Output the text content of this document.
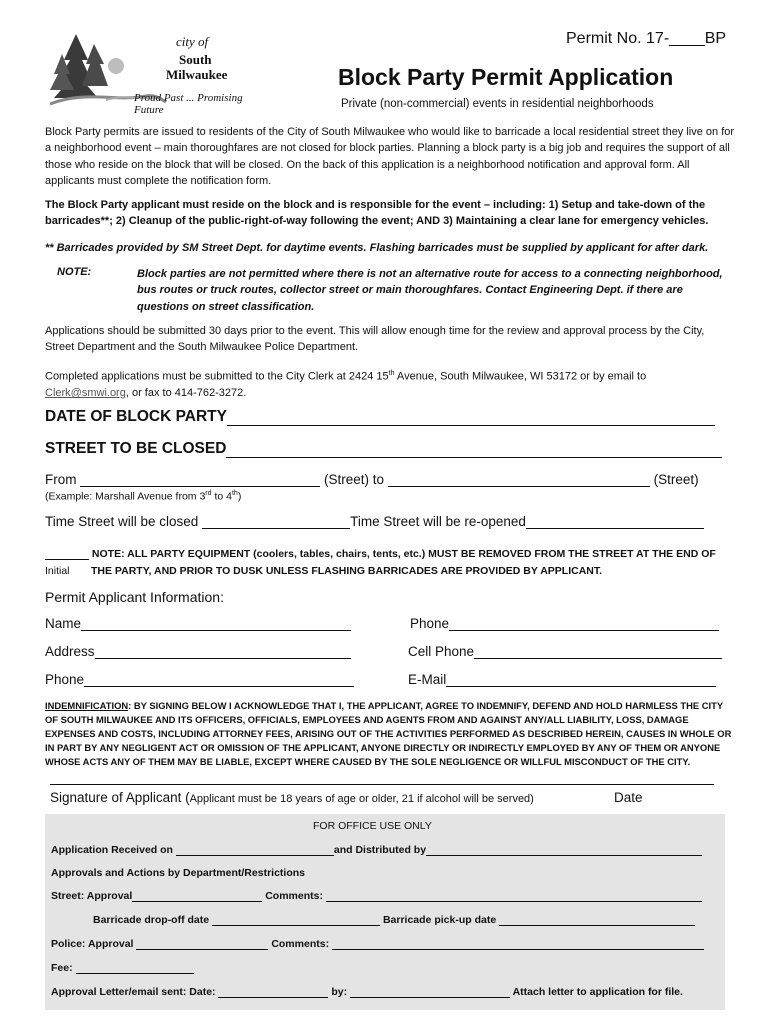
city of
South
Milwaukee
Proud Past ... Promising Future
Permit No. 17-____BP
Block Party Permit Application
Private (non-commercial) events in residential neighborhoods

Block Party permits are issued to residents of the City of South Milwaukee who would like to barricade a local residential street they live on for a neighborhood event – main thoroughfares are not closed for block parties. Planning a block party is a big job and requires the support of all those who reside on the block that will be closed. On the back of this application is a neighborhood notification and approval form. All applicants must complete the notification form.

The Block Party applicant must reside on the block and is responsible for the event – including: 1) Setup and take-down of the barricades**; 2) Cleanup of the public-right-of-way following the event; AND 3) Maintaining a clear lane for emergency vehicles.

** Barricades provided by SM Street Dept. for daytime events. Flashing barricades must be supplied by applicant for after dark.

NOTE:	Block parties are not permitted where there is not an alternative route for access to a connecting neighborhood, bus routes or truck routes, collector street or main thoroughfares. Contact Engineering Dept. if there are questions on street classification.

Applications should be submitted 30 days prior to the event. This will allow enough time for the review and approval process by the City, Street Department and the South Milwaukee Police Department.

Completed applications must be submitted to the City Clerk at 2424 15th Avenue, South Milwaukee, WI 53172 or by email to
Clerk@smwi.org, or fax to 414-762-3272.

DATE OF BLOCK PARTY
STREET TO BE CLOSED
From	(Street) to	(Street)
(Example: Marshall Avenue from 3rd to 4th)
Time Street will be closed	Time Street will be re-opened
NOTE: ALL PARTY EQUIPMENT (coolers, tables, chairs, tents, etc.) MUST BE REMOVED FROM THE STREET AT THE END OF
Initial THE PARTY, AND PRIOR TO DUSK UNLESS FLASHING BARRICADES ARE PROVIDED BY APPLICANT.
Permit Applicant Information:
Name	Phone
Address	Cell Phone
Phone	E-Mail

INDEMNIFICATION: BY SIGNING BELOW I ACKNOWLEDGE THAT I, THE APPLICANT, AGREE TO INDEMNIFY, DEFEND AND HOLD HARMLESS THE CITY OF SOUTH MILWAUKEE AND ITS OFFICERS, OFFICIALS, EMPLOYEES AND AGENTS FROM AND AGAINST ANY/ALL LIABILITY, LOSS, DAMAGE EXPENSES AND COSTS, INCLUDING ATTORNEY FEES, ARISING OUT OF THE ACTIVITIES PERFORMED AS DESCRIBED HEREIN, CAUSES IN WHOLE OR IN PART BY ANY NEGLIGENT ACT OR OMISSION OF THE APPLICANT, ANYONE DIRECTLY OR INDIRECTLY EMPLOYED BY ANY OF THEM OR ANYONE WHOSE ACTS ANY OF THEM MAY BE LIABLE, EXCEPT WHERE CAUSED BY THE SOLE NEGLIGENCE OR WILLFUL MISCONDUCT OF THE CITY.

Signature of Applicant (Applicant must be 18 years of age or older, 21 if alcohol will be served)	Date
FOR OFFICE USE ONLY
Application Received on	and Distributed by
Approvals and Actions by Department/Restrictions
Street: Approval	Comments:
Barricade drop-off date	Barricade pick-up date
Police: Approval	Comments:
Fee:
Approval Letter/email sent: Date:	by:	Attach letter to application for file.
